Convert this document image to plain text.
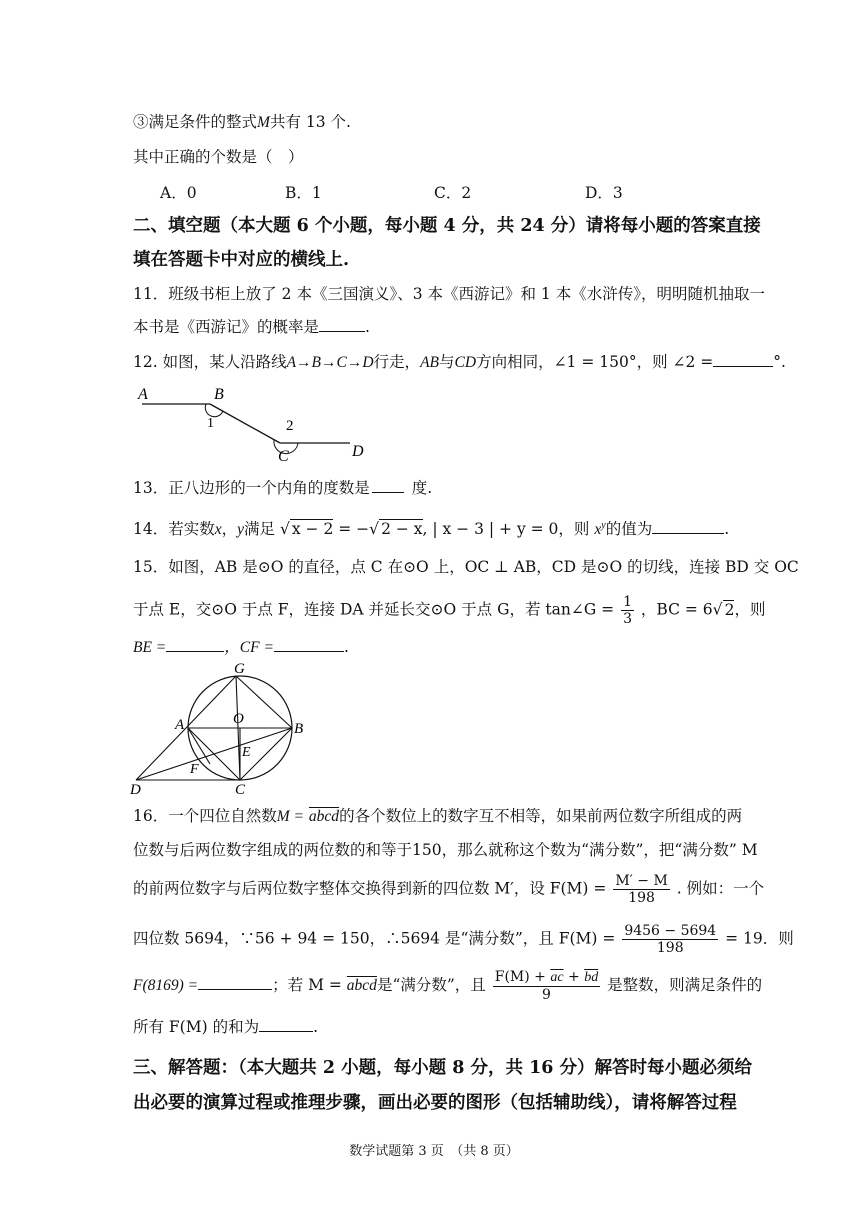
③满足条件的整式M共有 13 个.
其中正确的个数是（　）
A．0	B．1	C．2	D．3
二、填空题（本大题 6 个小题，每小题 4 分，共 24 分）请将每小题的答案直接
填在答题卡中对应的横线上.
11．班级书柜上放了 2 本《三国演义》、3 本《西游记》和 1 本《水浒传》，明明随机抽取一
本书是《西游记》的概率是	.
12. 如图，某人沿路线A→B→C→D行走，AB与CD方向相同，∠1 = 150°，则 ∠2 =	°.
A	B
1	2
C	D
13．正八边形的一个内角的度数是	度.
14．若实数x，y满足 √ x − 2 = −√ 2 − x, | x − 3 | + y = 0，则 $x^y$的值为	.
15．如图，AB 是⊙O 的直径，点 C 在⊙O 上，OC ⊥ AB，CD 是⊙O 的切线，连接 BD 交 OC
于点 E，交⊙O 于点 F，连接 DA 并延长交⊙O 于点 G，若 tan∠G = $\frac{1}{3}$ ，BC = 6√ 2，则
BE =	，CF =	.
G
A	O
B
E
F
D	C
16．一个四位自然数M = abcd的各个数位上的数字互不相等，如果前两位数字所组成的两
位数与后两位数字组成的两位数的和等于150，那么就称这个数为“满分数”，把“满分数” M
的前两位数字与后两位数字整体交换得到新的四位数 M′，设 $F(M) = \frac{M' - M}{198}$ . 例如：一个
四位数 5694，∵56 + 94 = 150，∴5694 是“满分数”，且 $F(M) = \frac{9456 - 5694}{198} = 19$．则
F(8169) =	；若 M = abcd是“满分数”，且 $\frac{F(M) + \overline{ac} + \overline{bd}}{9}$ 是整数，则满足条件的
所有 F(M) 的和为	.
三、解答题：（本大题共 2 小题，每小题 8 分，共 16 分）解答时每小题必须给
出必要的演算过程或推理步骤，画出必要的图形（包括辅助线），请将解答过程
数学试题第 3 页　（共 8 页）
